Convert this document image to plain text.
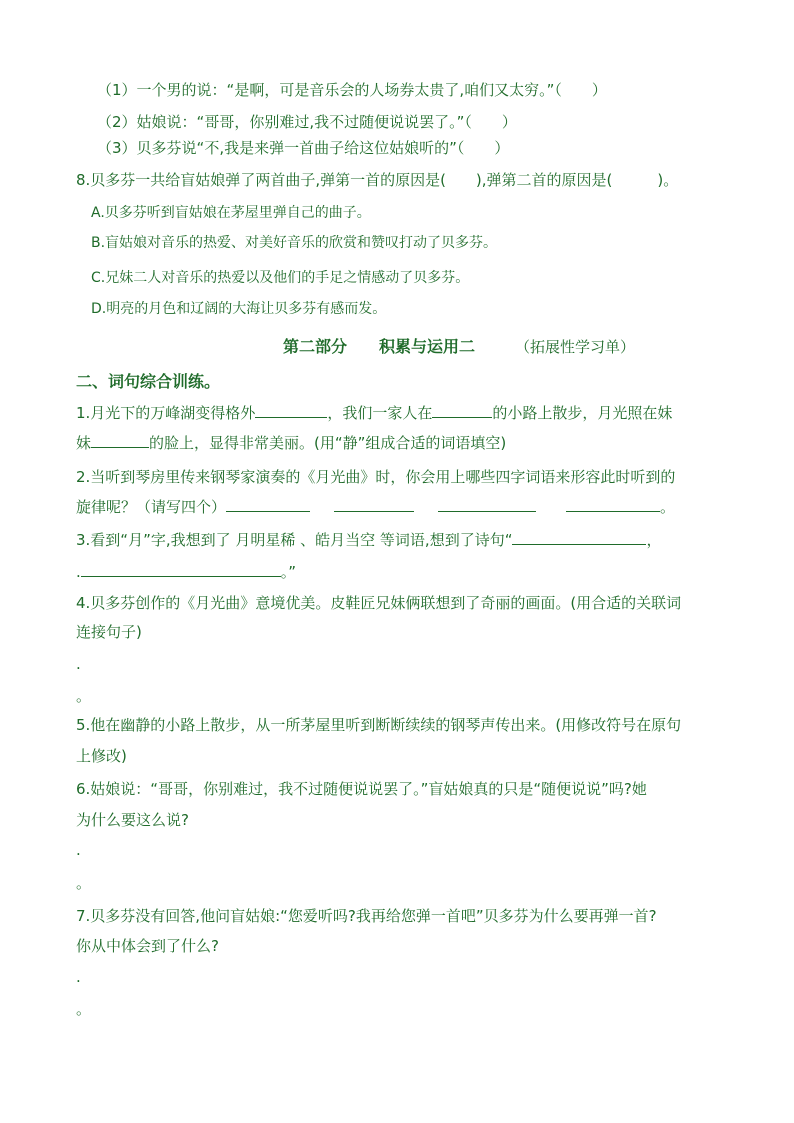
（1）一个男的说：“是啊，可是音乐会的人场券太贵了,咱们又太穷。”（　　）
（2）姑娘说：“哥哥，你别难过,我不过随便说说罢了。”（　　）
（3）贝多芬说“不,我是来弹一首曲子给这位姑娘听的”（　　）
8.贝多芬一共给盲姑娘弹了两首曲子,弹第一首的原因是(　　),弹第二首的原因是(　　　)。
A.贝多芬听到盲姑娘在茅屋里弹自己的曲子。
B.盲姑娘对音乐的热爱、对美好音乐的欣赏和赞叹打动了贝多芬。
C.兄妹二人对音乐的热爱以及他们的手足之情感动了贝多芬。
D.明亮的月色和辽阔的大海让贝多芬有感而发。
第二部分　　积累与运用二	（拓展性学习单）
二、词句综合训练。
1.月光下的万峰湖变得格外	，我们一家人在	的小路上散步，月光照在妹
妹	的脸上，显得非常美丽。(用“静”组成合适的词语填空)
2.当听到琴房里传来钢琴家演奏的《月光曲》时，你会用上哪些四字词语来形容此时听到的
旋律呢？（请写四个）	。
3.看到“月”字,我想到了 月明星稀 、皓月当空 等词语,想到了诗句“	，
.	。”
4.贝多芬创作的《月光曲》意境优美。皮鞋匠兄妹俩联想到了奇丽的画面。(用合适的关联词
连接句子)
.
。
5.他在幽静的小路上散步，从一所茅屋里听到断断续续的钢琴声传出来。(用修改符号在原句
上修改)
6.姑娘说：“哥哥，你别难过，我不过随便说说罢了。”盲姑娘真的只是“随便说说”吗?她
为什么要这么说?
.
。
7.贝多芬没有回答,他问盲姑娘:“您爱听吗?我再给您弹一首吧”贝多芬为什么要再弹一首?
你从中体会到了什么?
.
。
